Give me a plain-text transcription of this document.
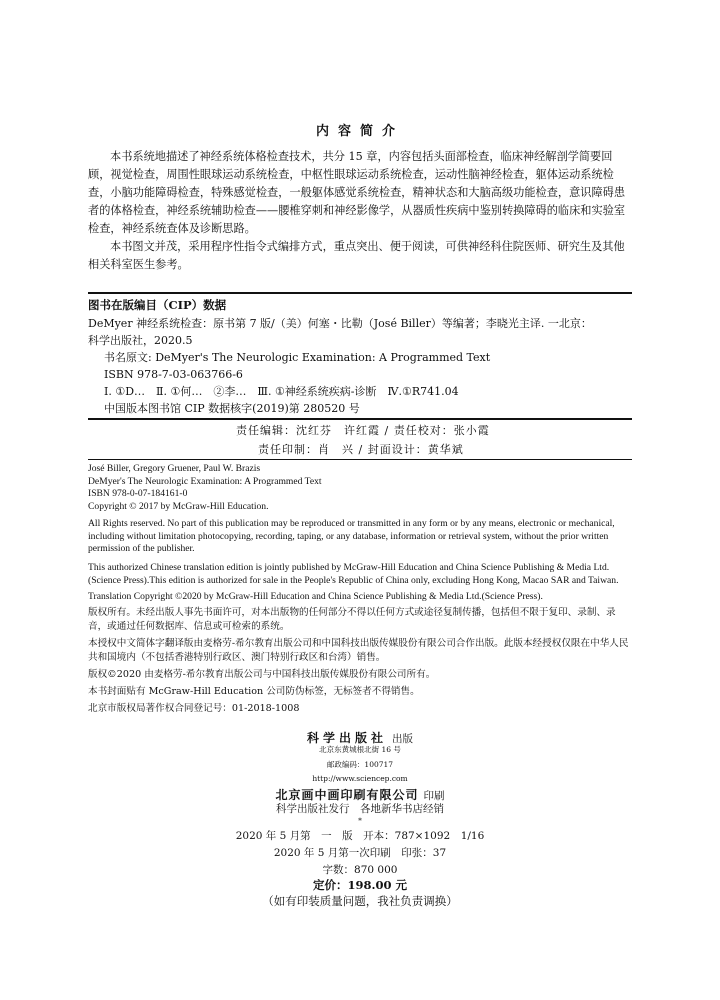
内容简介

本书系统地描述了神经系统体格检查技术，共分 15 章，内容包括头面部检查，临床神经解剖学简要回顾，视觉检查，周围性眼球运动系统检查，中枢性眼球运动系统检查，运动性脑神经检查，躯体运动系统检查，小脑功能障碍检查，特殊感觉检查，一般躯体感觉系统检查，精神状态和大脑高级功能检查，意识障碍患者的体格检查，神经系统辅助检查——腰椎穿刺和神经影像学，从器质性疾病中鉴别转换障碍的临床和实验室检查，神经系统查体及诊断思路。

本书图文并茂，采用程序性指令式编排方式，重点突出、便于阅读，可供神经科住院医师、研究生及其他相关科室医生参考。

图书在版编目（CIP）数据

DeMyer 神经系统检查：原书第 7 版/（美）何塞・比勒（José Biller）等编著；李晓光主译. 一北京：

科学出版社，2020.5

书名原文: DeMyer's The Neurologic Examination: A Programmed Text

ISBN 978-7-03-063766-6

Ⅰ. ①D…　Ⅱ. ①何…　②李…　Ⅲ. ①神经系统疾病-诊断　Ⅳ.①R741.04

中国版本图书馆 CIP 数据核字(2019)第 280520 号

责任编辑：沈红芬　许红霞 / 责任校对：张小霞
责任印制：肖　兴 / 封面设计：黄华斌

José Biller, Gregory Gruener, Paul W. Brazis

DeMyer's The Neurologic Examination: A Programmed Text

ISBN 978-0-07-184161-0

Copyright © 2017 by McGraw-Hill Education.

All Rights reserved. No part of this publication may be reproduced or transmitted in any form or by any means, electronic or mechanical, including without limitation photocopying, recording, taping, or any database, information or retrieval system, without the prior written permission of the publisher.

This authorized Chinese translation edition is jointly published by McGraw-Hill Education and China Science Publishing & Media Ltd.(Science Press).This edition is authorized for sale in the People's Republic of China only, excluding Hong Kong, Macao SAR and Taiwan.

Translation Copyright ©2020 by McGraw-Hill Education and China Science Publishing & Media Ltd.(Science Press).

版权所有。未经出版人事先书面许可，对本出版物的任何部分不得以任何方式或途径复制传播，包括但不限于复印、录制、录音，或通过任何数据库、信息或可检索的系统。

本授权中文简体字翻译版由麦格劳-希尔教育出版公司和中国科技出版传媒股份有限公司合作出版。此版本经授权仅限在中华人民共和国境内（不包括香港特别行政区、澳门特别行政区和台湾）销售。

版权©2020 由麦格劳-希尔教育出版公司与中国科技出版传媒股份有限公司所有。

本书封面贴有 McGraw-Hill Education 公司防伪标签，无标签者不得销售。

北京市版权局著作权合同登记号：01-2018-1008

科学出版社 出版
北京东黄城根北街 16 号
邮政编码：100717
http://www.sciencep.com
北京画中画印刷有限公司 印刷
科学出版社发行　各地新华书店经销
*
2020 年 5 月第　一　版　开本：787×1092　1/16
2020 年 5 月第一次印刷　印张：37
字数：870 000
定价：198.00 元
（如有印装质量问题，我社负责调换）
